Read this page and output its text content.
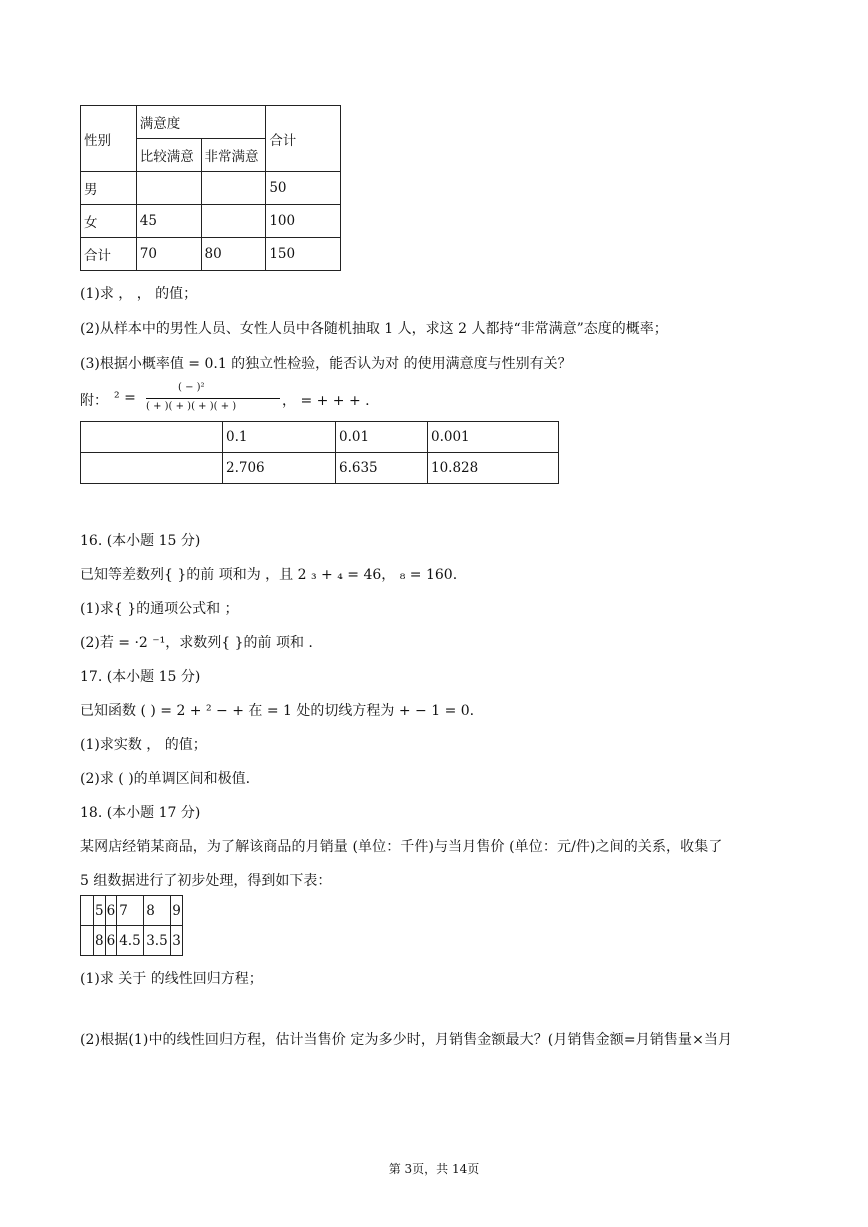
性别	满意度		合计
	比较满意	非常满意	
男			50
女	45		100
合计	70	80	150
(1)求 ， ， 的值；
(2)从样本中的男性人员、女性人员中各随机抽取 1 人，求这 2 人都持“非常满意”态度的概率；
(3)根据小概率值 = 0.1 的独立性检验，能否认为对 的使用满意度与性别有关？
附： ² =
( − )²
( + )( + )( + )( + )	， = + + + .
	0.1	0.01	0.001
	2.706	6.635	10.828
16. (本小题 15 分)
已知等差数列{ }的前 项和为 ，且 2 ₃ + ₄ = 46， ₈ = 160.
(1)求{ }的通项公式和 ；
(2)若 = ·2 ⁻¹，求数列{ }的前 项和 .
17. (本小题 15 分)
已知函数 ( ) = 2 + ² − + 在 = 1 处的切线方程为 + − 1 = 0.
(1)求实数 ， 的值；
(2)求 ( )的单调区间和极值.
18. (本小题 17 分)
某网店经销某商品，为了解该商品的月销量 (单位：千件)与当月售价 (单位：元/件)之间的关系，收集了
5 组数据进行了初步处理，得到如下表：
	5	6	7	8	9
	8	6	4.5	3.5	3
(1)求 关于 的线性回归方程；
(2)根据(1)中的线性回归方程，估计当售价 定为多少时，月销售金额最大？(月销售金额=月销售量×当月
第 3页，共 14页
